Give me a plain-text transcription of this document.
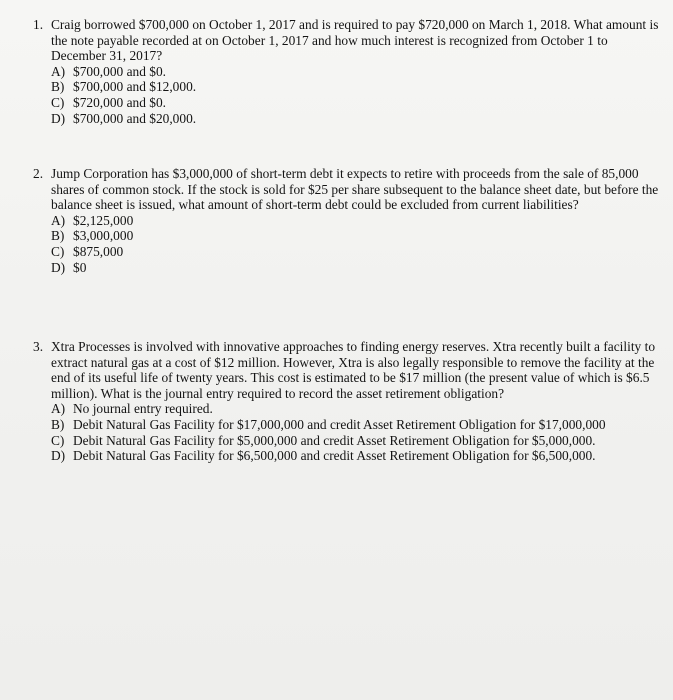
1. Craig borrowed $700,000 on October 1, 2017 and is required to pay $720,000 on March 1, 2018. What amount is the note payable recorded at on October 1, 2017 and how much interest is recognized from October 1 to December 31, 2017?
A) $700,000 and $0.
B) $700,000 and $12,000.
C) $720,000 and $0.
D) $700,000 and $20,000.
2. Jump Corporation has $3,000,000 of short-term debt it expects to retire with proceeds from the sale of 85,000 shares of common stock. If the stock is sold for $25 per share subsequent to the balance sheet date, but before the balance sheet is issued, what amount of short-term debt could be excluded from current liabilities?
A) $2,125,000
B) $3,000,000
C) $875,000
D) $0
3. Xtra Processes is involved with innovative approaches to finding energy reserves. Xtra recently built a facility to extract natural gas at a cost of $12 million. However, Xtra is also legally responsible to remove the facility at the end of its useful life of twenty years. This cost is estimated to be $17 million (the present value of which is $6.5 million). What is the journal entry required to record the asset retirement obligation?
A) No journal entry required.
B) Debit Natural Gas Facility for $17,000,000 and credit Asset Retirement Obligation for $17,000,000
C) Debit Natural Gas Facility for $5,000,000 and credit Asset Retirement Obligation for $5,000,000.
D) Debit Natural Gas Facility for $6,500,000 and credit Asset Retirement Obligation for $6,500,000.
